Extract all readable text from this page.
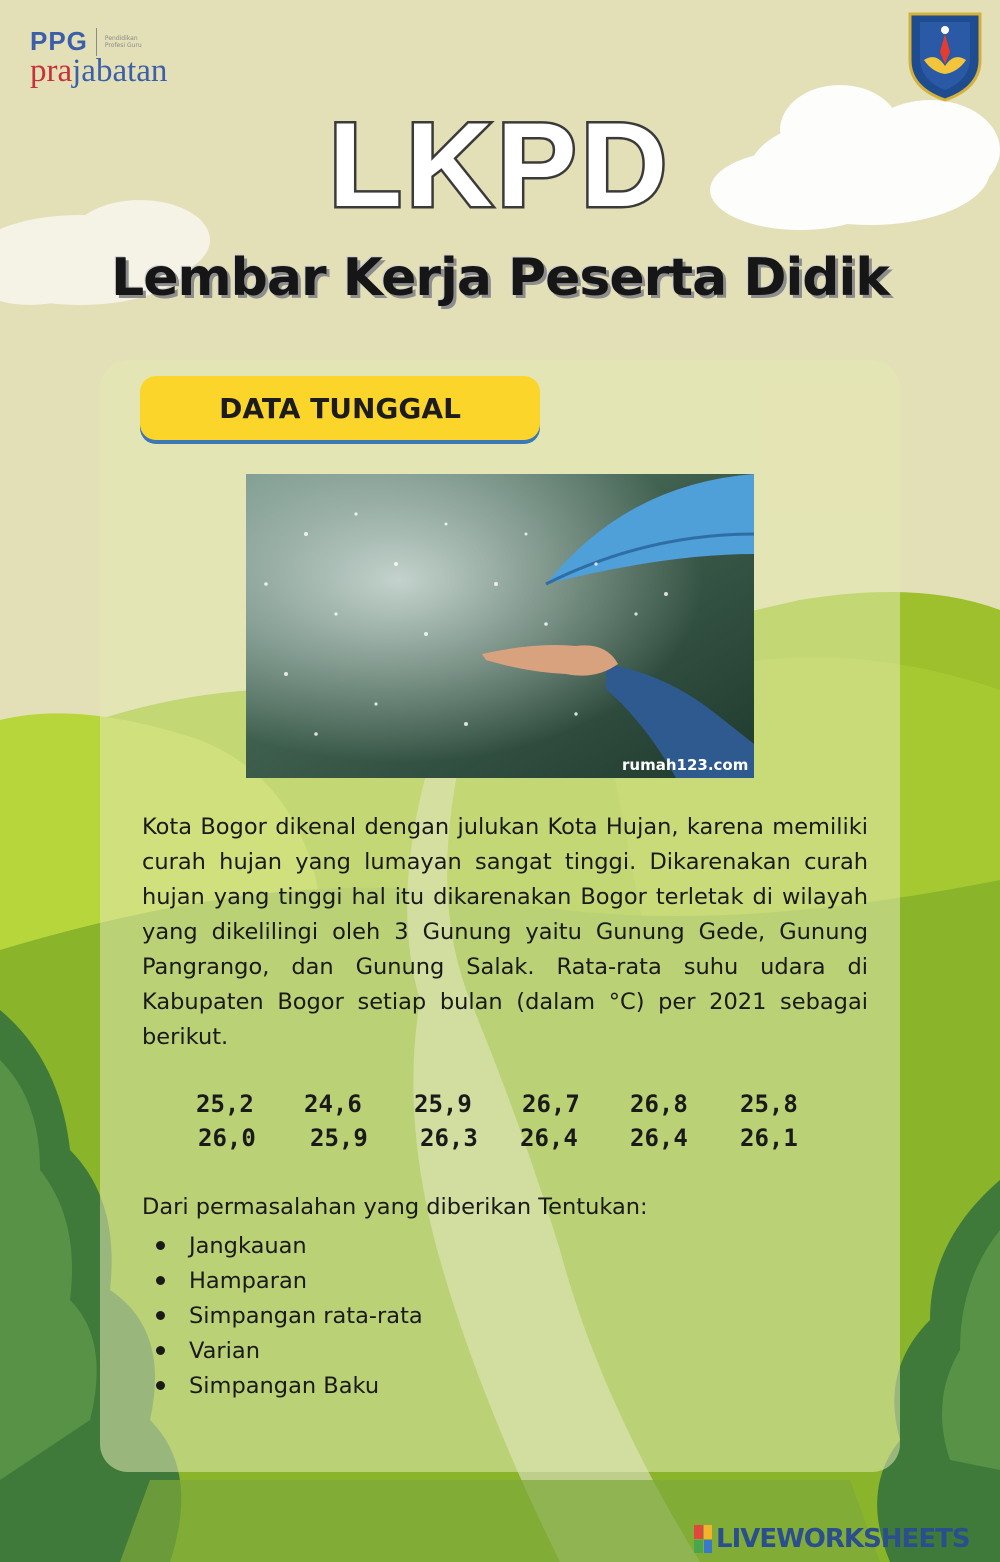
PPG	Pendidikan Profesi Guru
prajabatan
LKPD
Lembar Kerja Peserta Didik
DATA TUNGGAL
rumah123.com

Kota Bogor dikenal dengan julukan Kota Hujan, karena memiliki curah hujan yang lumayan sangat tinggi. Dikarenakan curah hujan yang tinggi hal itu dikarenakan Bogor terletak di wilayah yang dikelilingi oleh 3 Gunung yaitu Gunung Gede, Gunung Pangrango, dan Gunung Salak. Rata-rata suhu udara di Kabupaten Bogor setiap bulan (dalam °C) per 2021 sebagai berikut.

25,2 24,6 25,9 26,7 26,8 25,8
26,0 25,9 26,3 26,4 26,4 26,1

Dari permasalahan yang diberikan Tentukan:

Jangkauan
Hamparan
Simpangan rata-rata
Varian
Simpangan Baku
LIVEWORKSHEETS
